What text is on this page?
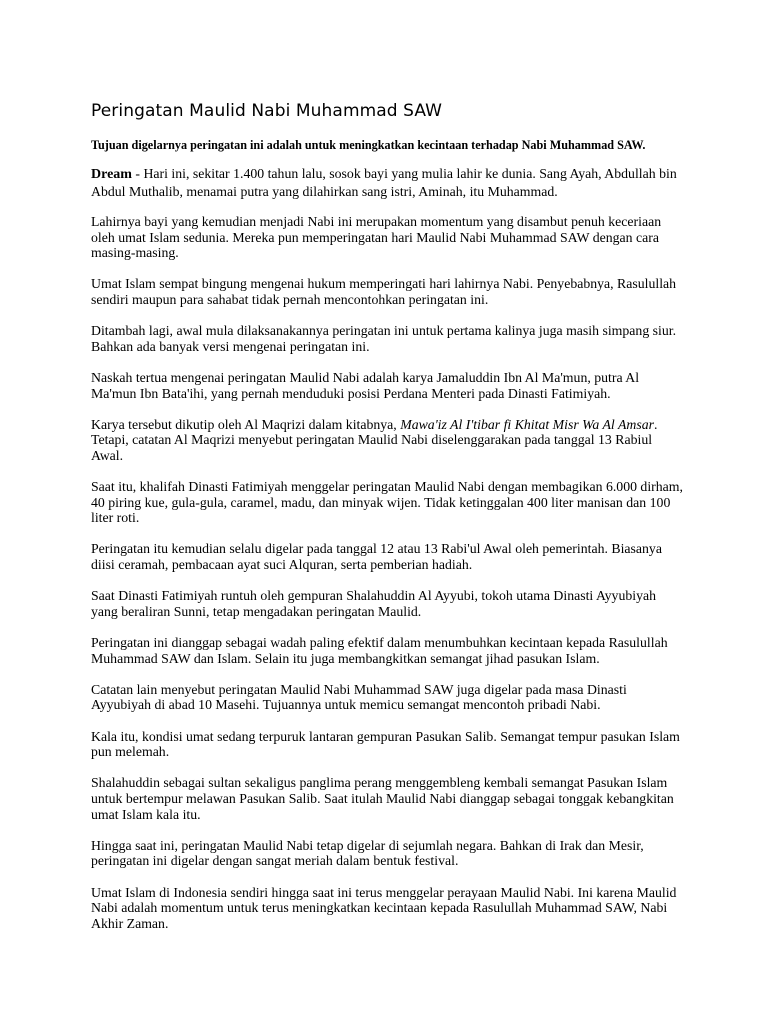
Peringatan Maulid Nabi Muhammad SAW

Tujuan digelarnya peringatan ini adalah untuk meningkatkan kecintaan terhadap Nabi Muhammad SAW.

Dream - Hari ini, sekitar 1.400 tahun lalu, sosok bayi yang mulia lahir ke dunia. Sang Ayah, Abdullah bin Abdul Muthalib, menamai putra yang dilahirkan sang istri, Aminah, itu Muhammad.

Lahirnya bayi yang kemudian menjadi Nabi ini merupakan momentum yang disambut penuh keceriaan oleh umat Islam sedunia. Mereka pun memperingatan hari Maulid Nabi Muhammad SAW dengan cara masing-masing.

Umat Islam sempat bingung mengenai hukum memperingati hari lahirnya Nabi. Penyebabnya, Rasulullah sendiri maupun para sahabat tidak pernah mencontohkan peringatan ini.

Ditambah lagi, awal mula dilaksanakannya peringatan ini untuk pertama kalinya juga masih simpang siur. Bahkan ada banyak versi mengenai peringatan ini.

Naskah tertua mengenai peringatan Maulid Nabi adalah karya Jamaluddin Ibn Al Ma'mun, putra Al Ma'mun Ibn Bata'ihi, yang pernah menduduki posisi Perdana Menteri pada Dinasti Fatimiyah.

Karya tersebut dikutip oleh Al Maqrizi dalam kitabnya, Mawa'iz Al I'tibar fi Khitat Misr Wa Al Amsar. Tetapi, catatan Al Maqrizi menyebut peringatan Maulid Nabi diselenggarakan pada tanggal 13 Rabiul Awal.

Saat itu, khalifah Dinasti Fatimiyah menggelar peringatan Maulid Nabi dengan membagikan 6.000 dirham, 40 piring kue, gula-gula, caramel, madu, dan minyak wijen. Tidak ketinggalan 400 liter manisan dan 100 liter roti.

Peringatan itu kemudian selalu digelar pada tanggal 12 atau 13 Rabi'ul Awal oleh pemerintah. Biasanya diisi ceramah, pembacaan ayat suci Alquran, serta pemberian hadiah.

Saat Dinasti Fatimiyah runtuh oleh gempuran Shalahuddin Al Ayyubi, tokoh utama Dinasti Ayyubiyah yang beraliran Sunni, tetap mengadakan peringatan Maulid.

Peringatan ini dianggap sebagai wadah paling efektif dalam menumbuhkan kecintaan kepada Rasulullah Muhammad SAW dan Islam. Selain itu juga membangkitkan semangat jihad pasukan Islam.

Catatan lain menyebut peringatan Maulid Nabi Muhammad SAW juga digelar pada masa Dinasti Ayyubiyah di abad 10 Masehi. Tujuannya untuk memicu semangat mencontoh pribadi Nabi.

Kala itu, kondisi umat sedang terpuruk lantaran gempuran Pasukan Salib. Semangat tempur pasukan Islam pun melemah.

Shalahuddin sebagai sultan sekaligus panglima perang menggembleng kembali semangat Pasukan Islam untuk bertempur melawan Pasukan Salib. Saat itulah Maulid Nabi dianggap sebagai tonggak kebangkitan umat Islam kala itu.

Hingga saat ini, peringatan Maulid Nabi tetap digelar di sejumlah negara. Bahkan di Irak dan Mesir, peringatan ini digelar dengan sangat meriah dalam bentuk festival.

Umat Islam di Indonesia sendiri hingga saat ini terus menggelar perayaan Maulid Nabi. Ini karena Maulid Nabi adalah momentum untuk terus meningkatkan kecintaan kepada Rasulullah Muhammad SAW, Nabi Akhir Zaman.
